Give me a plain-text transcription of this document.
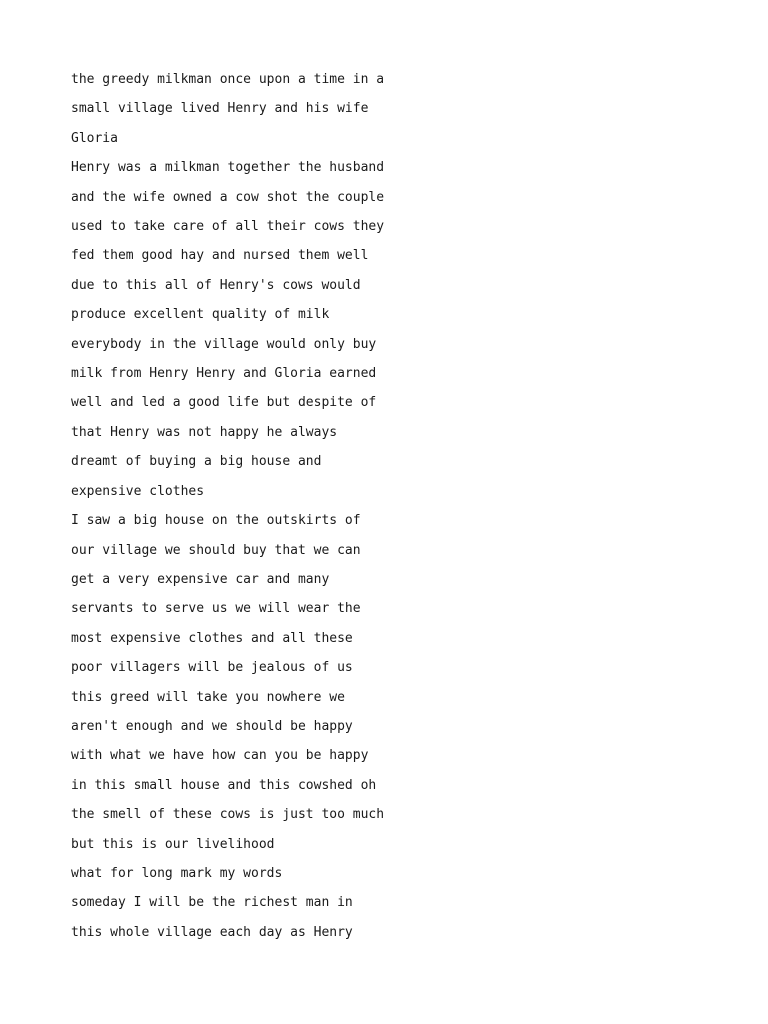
the greedy milkman once upon a time in a

small village lived Henry and his wife

Gloria

Henry was a milkman together the husband

and the wife owned a cow shot the couple

used to take care of all their cows they

fed them good hay and nursed them well

due to this all of Henry's cows would

produce excellent quality of milk

everybody in the village would only buy

milk from Henry Henry and Gloria earned

well and led a good life but despite of

that Henry was not happy he always

dreamt of buying a big house and

expensive clothes

I saw a big house on the outskirts of

our village we should buy that we can

get a very expensive car and many

servants to serve us we will wear the

most expensive clothes and all these

poor villagers will be jealous of us

this greed will take you nowhere we

aren't enough and we should be happy

with what we have how can you be happy

in this small house and this cowshed oh

the smell of these cows is just too much

but this is our livelihood

what for long mark my words

someday I will be the richest man in

this whole village each day as Henry
